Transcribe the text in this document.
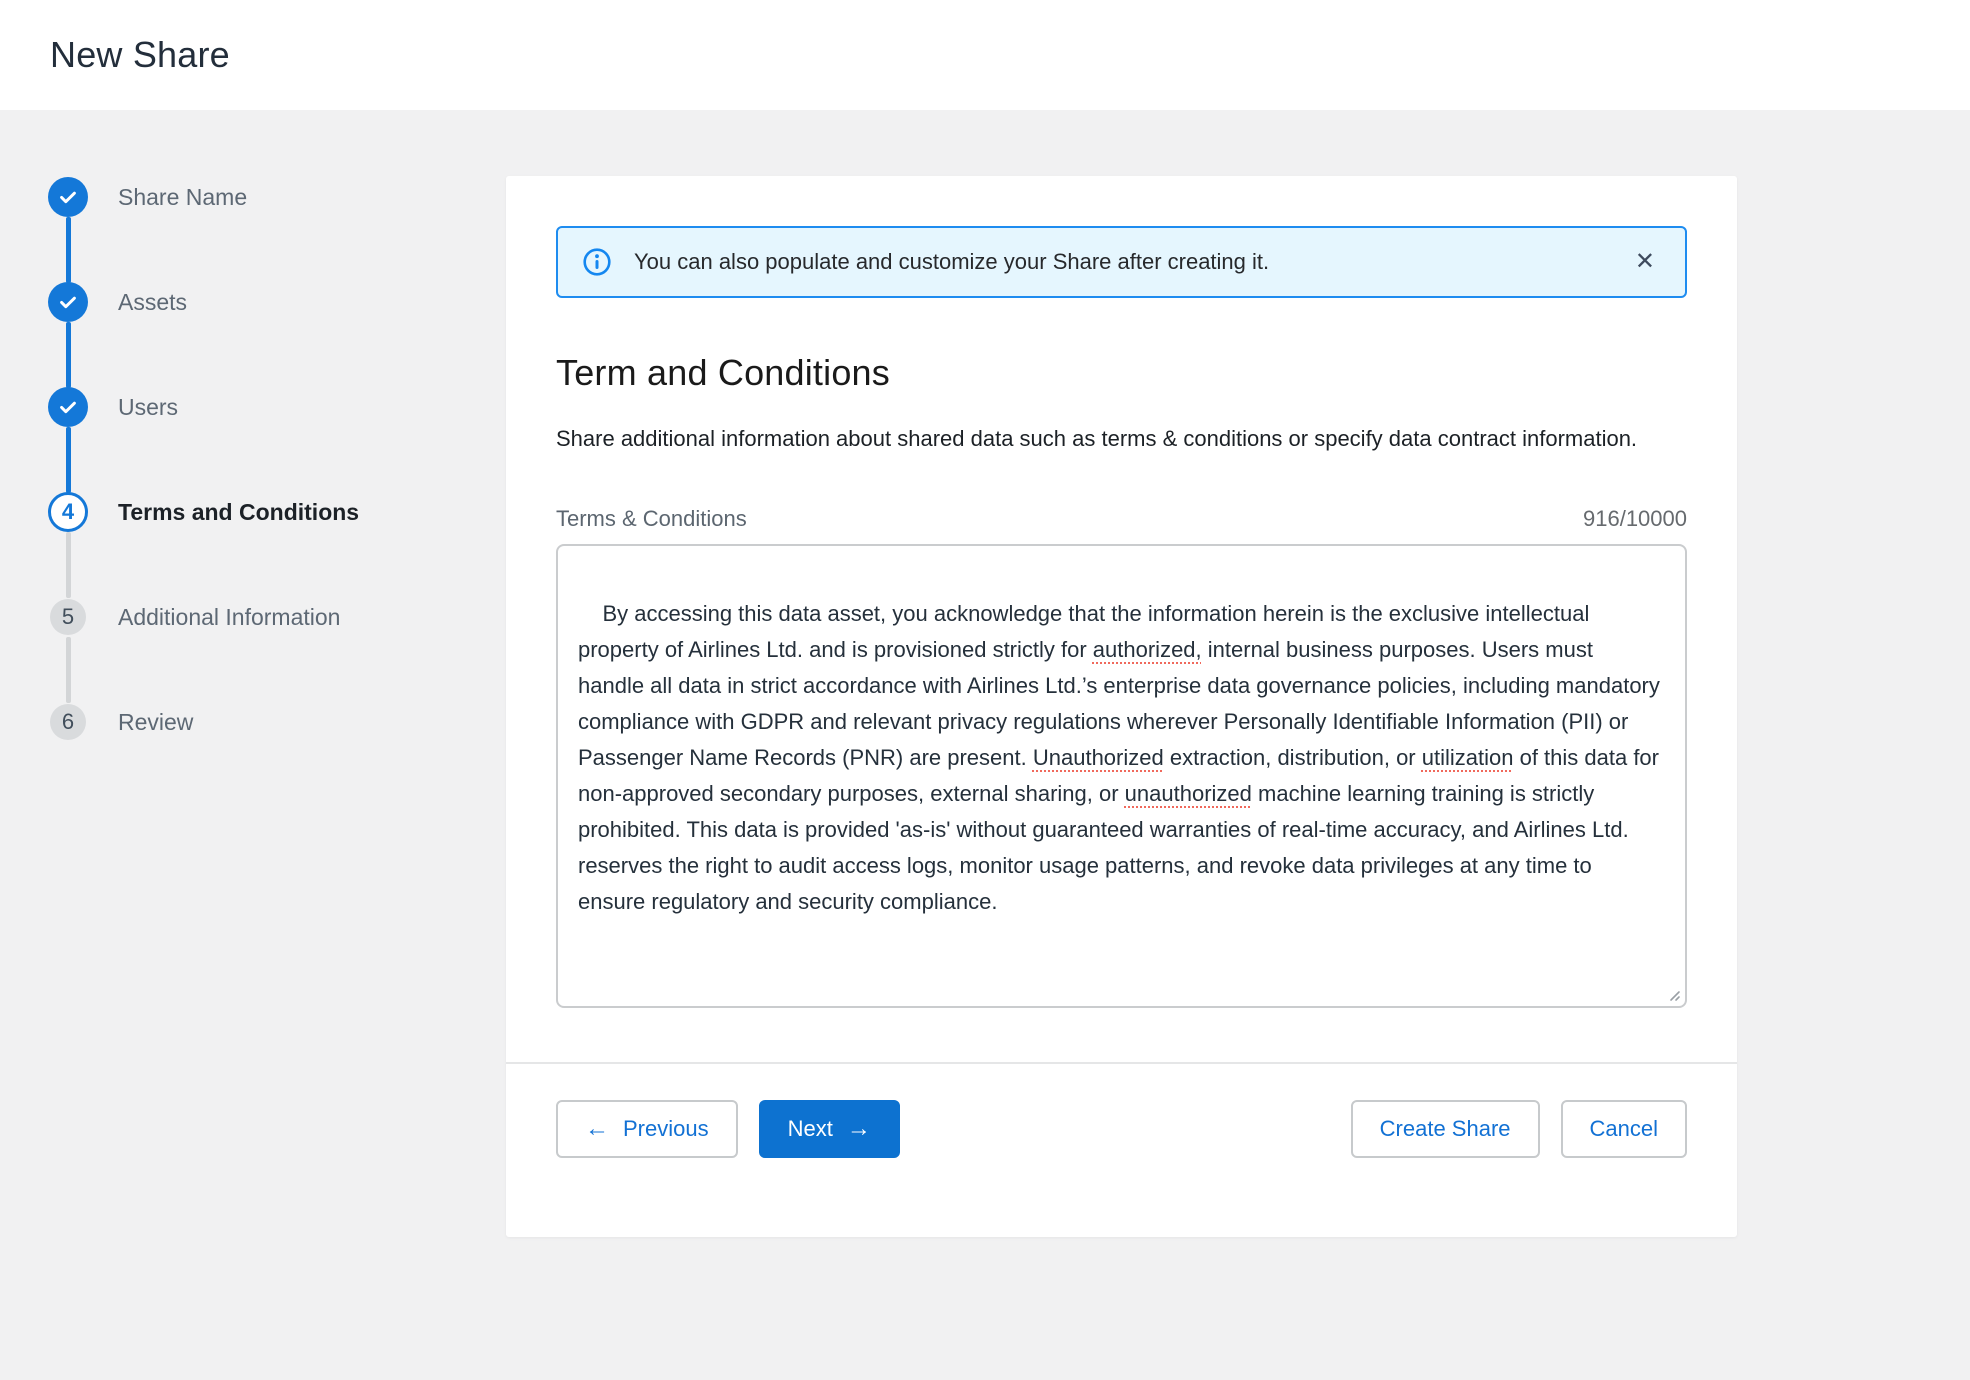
New Share
Share Name
Assets
Users
4	Terms and Conditions
5	Additional Information
6	Review
You can also populate and customize your Share after creating it.	✕
Term and Conditions

Share additional information about shared data such as terms & conditions or specify data contract information.

Terms & Conditions	916/10000

By accessing this data asset, you acknowledge that the information herein is the exclusive intellectual property of Airlines Ltd. and is provisioned strictly for authorized, internal business purposes. Users must handle all data in strict accordance with Airlines Ltd.’s enterprise data governance policies, including mandatory compliance with GDPR and relevant privacy regulations wherever Personally Identifiable Information (PII) or Passenger Name Records (PNR) are present. Unauthorized extraction, distribution, or utilization of this data for non-approved secondary purposes, external sharing, or unauthorized machine learning training is strictly prohibited. This data is provided 'as-is' without guaranteed warranties of real-time accuracy, and Airlines Ltd. reserves the right to audit access logs, monitor usage patterns, and revoke data privileges at any time to ensure regulatory and security compliance.

← Previous	Next →	Create Share	Cancel
